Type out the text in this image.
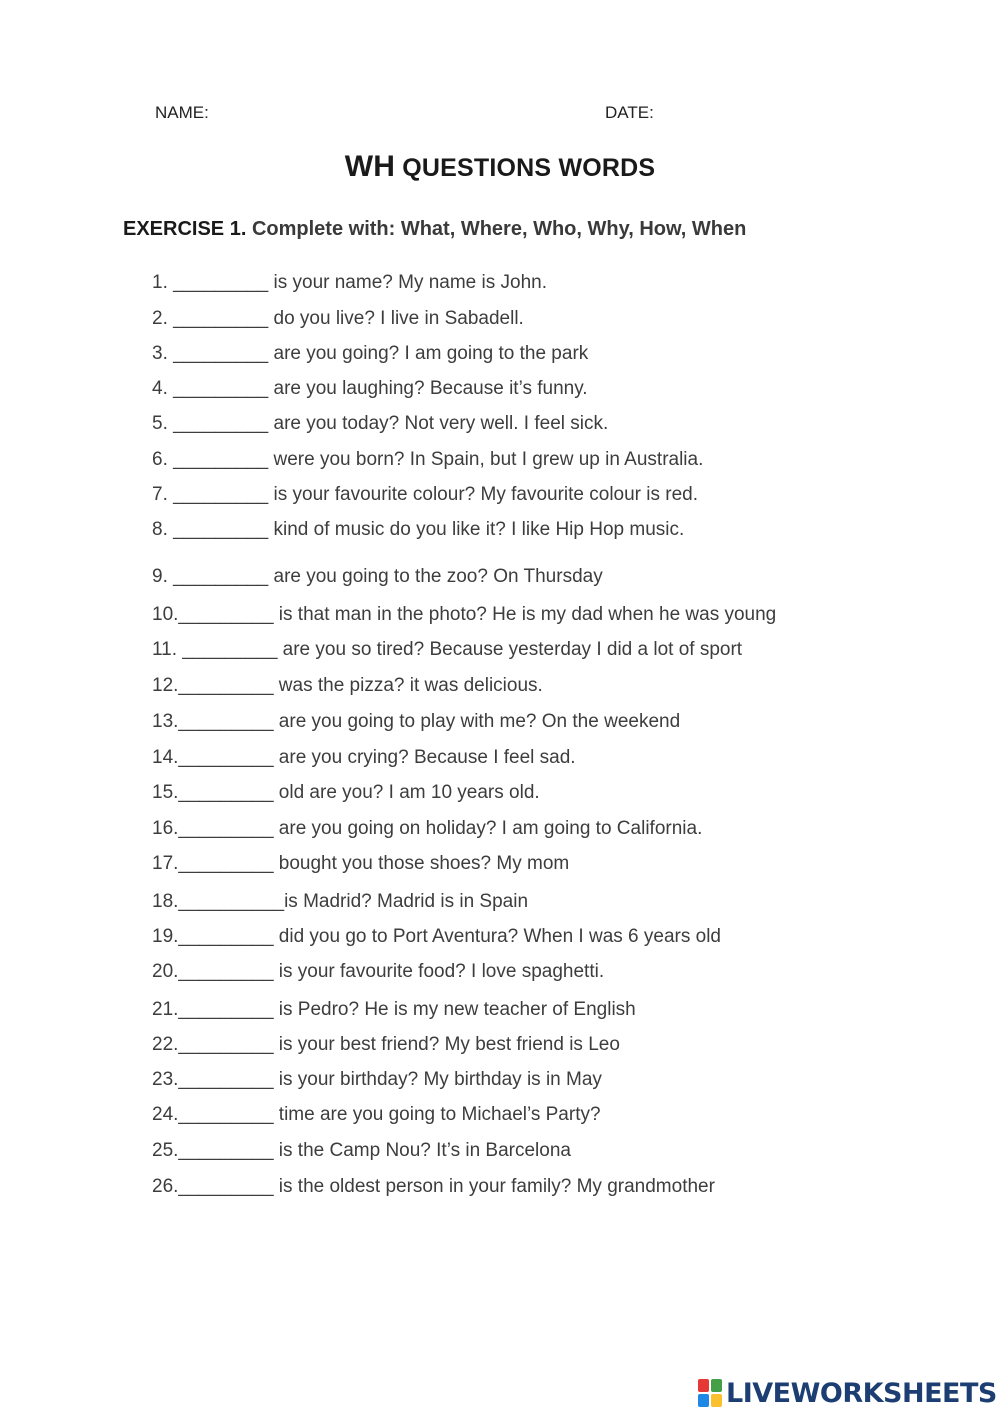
NAME:	DATE:
WH QUESTIONS WORDS
EXERCISE 1. Complete with: What, Where, Who, Why, How, When
1. _________ is your name? My name is John.
2. _________ do you live? I live in Sabadell.
3. _________ are you going? I am going to the park
4. _________ are you laughing? Because it’s funny.
5. _________ are you today? Not very well. I feel sick.
6. _________ were you born? In Spain, but I grew up in Australia.
7. _________ is your favourite colour? My favourite colour is red.
8. _________ kind of music do you like it? I like Hip Hop music.
9. _________ are you going to the zoo? On Thursday
10._________ is that man in the photo? He is my dad when he was young
11. _________ are you so tired? Because yesterday I did a lot of sport
12._________ was the pizza? it was delicious.
13._________ are you going to play with me? On the weekend
14._________ are you crying? Because I feel sad.
15._________ old are you? I am 10 years old.
16._________ are you going on holiday? I am going to California.
17._________ bought you those shoes? My mom
18.__________is Madrid? Madrid is in Spain
19._________ did you go to Port Aventura? When I was 6 years old
20._________ is your favourite food? I love spaghetti.
21._________ is Pedro? He is my new teacher of English
22._________ is your best friend? My best friend is Leo
23._________ is your birthday? My birthday is in May
24._________ time are you going to Michael’s Party?
25._________ is the Camp Nou? It’s in Barcelona
26._________ is the oldest person in your family? My grandmother
LIVEWORKSHEETS
